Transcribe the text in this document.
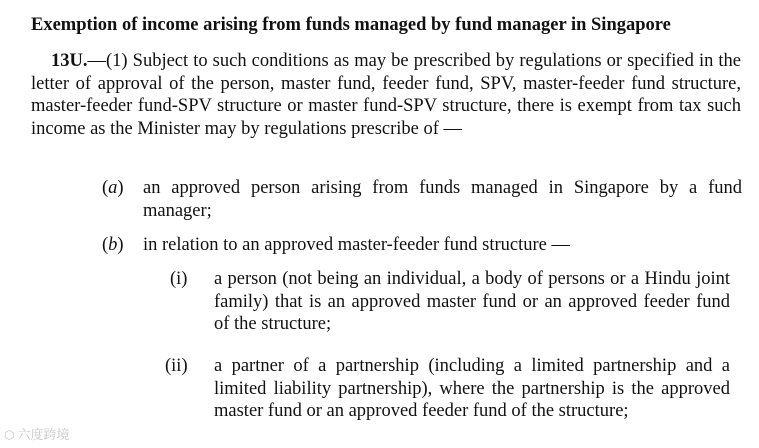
Exemption of income arising from funds managed by fund manager in Singapore
13U.—(1) Subject to such conditions as may be prescribed by regulations or specified in the letter of approval of the person, master fund, feeder fund, SPV, master-feeder fund structure, master-feeder fund-SPV structure or master fund-SPV structure, there is exempt from tax such income as the Minister may by regulations prescribe of —
(a) an approved person arising from funds managed in Singapore by a fund manager;
(b) in relation to an approved master-feeder fund structure —
(i) a person (not being an individual, a body of persons or a Hindu joint family) that is an approved master fund or an approved feeder fund of the structure;
(ii) a partner of a partnership (including a limited partnership and a limited liability partnership), where the partnership is the approved master fund or an approved feeder fund of the structure;
⬡ 六度跨境
